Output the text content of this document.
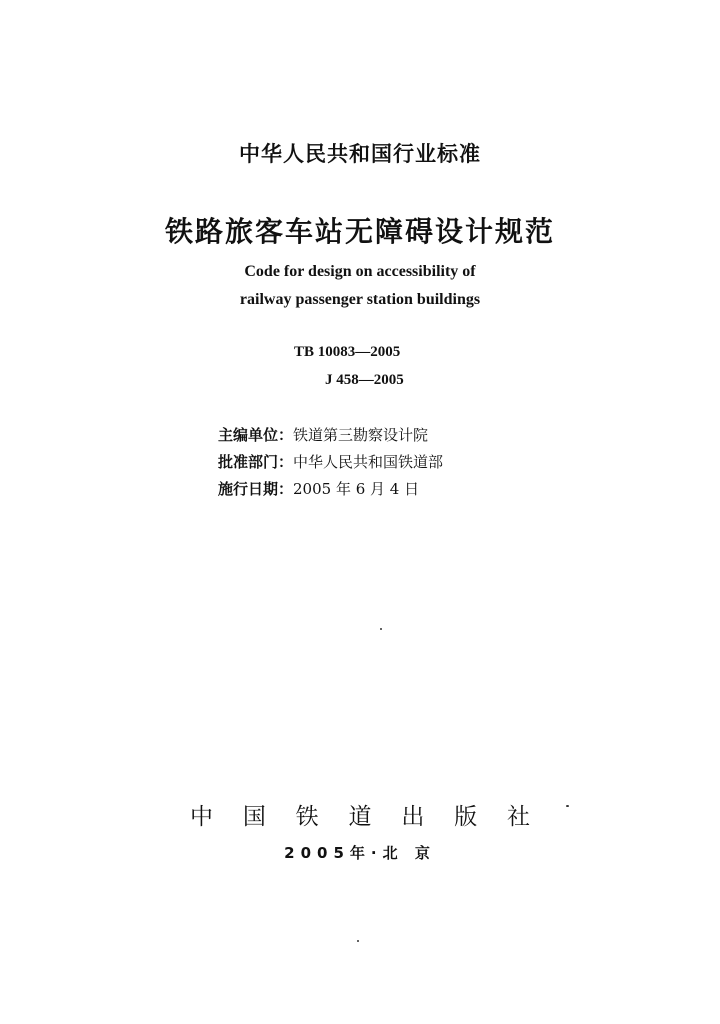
中华人民共和国行业标准
铁路旅客车站无障碍设计规范
Code for design on accessibility of
railway passenger station buildings
TB 10083—2005
J 458—2005
主编单位：铁道第三勘察设计院
批准部门：中华人民共和国铁道部
施行日期：2005 年 6 月 4 日
中 国 铁 道 出 版 社
2005年·北 京
